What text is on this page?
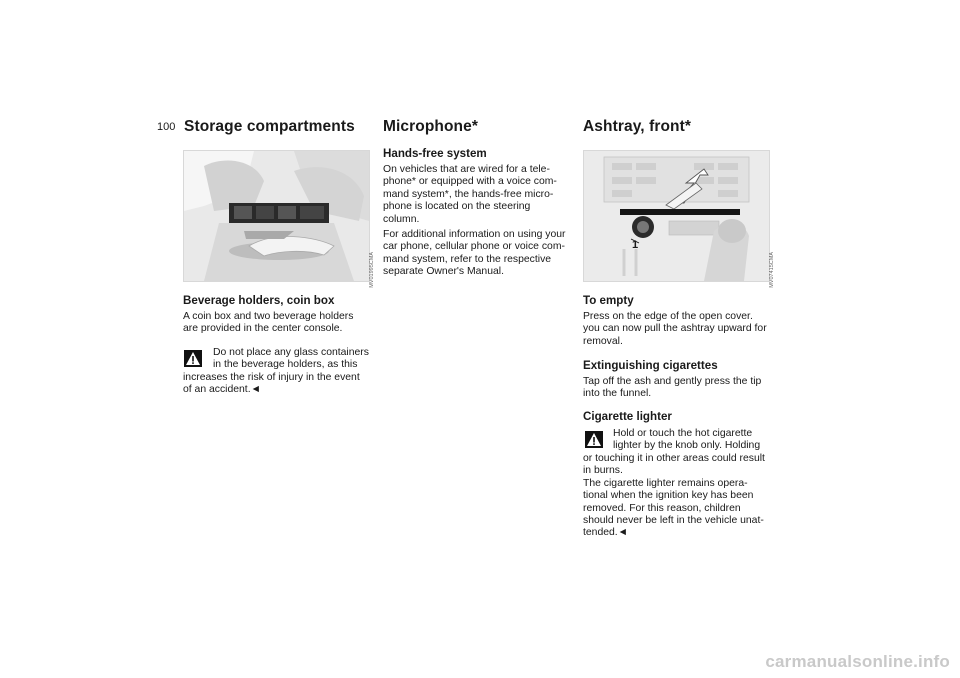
100 Storage compartments
MV01995CMA
Beverage holders, coin box
A coin box and two beverage holders
are provided in the center console.
Do not place any glass containers
in the beverage holders, as this
increases the risk of injury in the event
of an accident.◄
Microphone*
Hands-free system
On vehicles that are wired for a tele-
phone* or equipped with a voice com-
mand system*, the hands-free micro-
phone is located on the steering
column.
For additional information on using your
car phone, cellular phone or voice com-
mand system, refer to the respective
separate Owner's Manual.
Ashtray, front*
1
MV07415CMA
To empty
Press on the edge of the open cover.
you can now pull the ashtray upward for
removal.
Extinguishing cigarettes
Tap off the ash and gently press the tip
into the funnel.
Cigarette lighter
Hold or touch the hot cigarette
lighter by the knob only. Holding
or touching it in other areas could result
in burns.
The cigarette lighter remains opera-
tional when the ignition key has been
removed. For this reason, children
should never be left in the vehicle unat-
tended.◄
carmanualsonline.info
